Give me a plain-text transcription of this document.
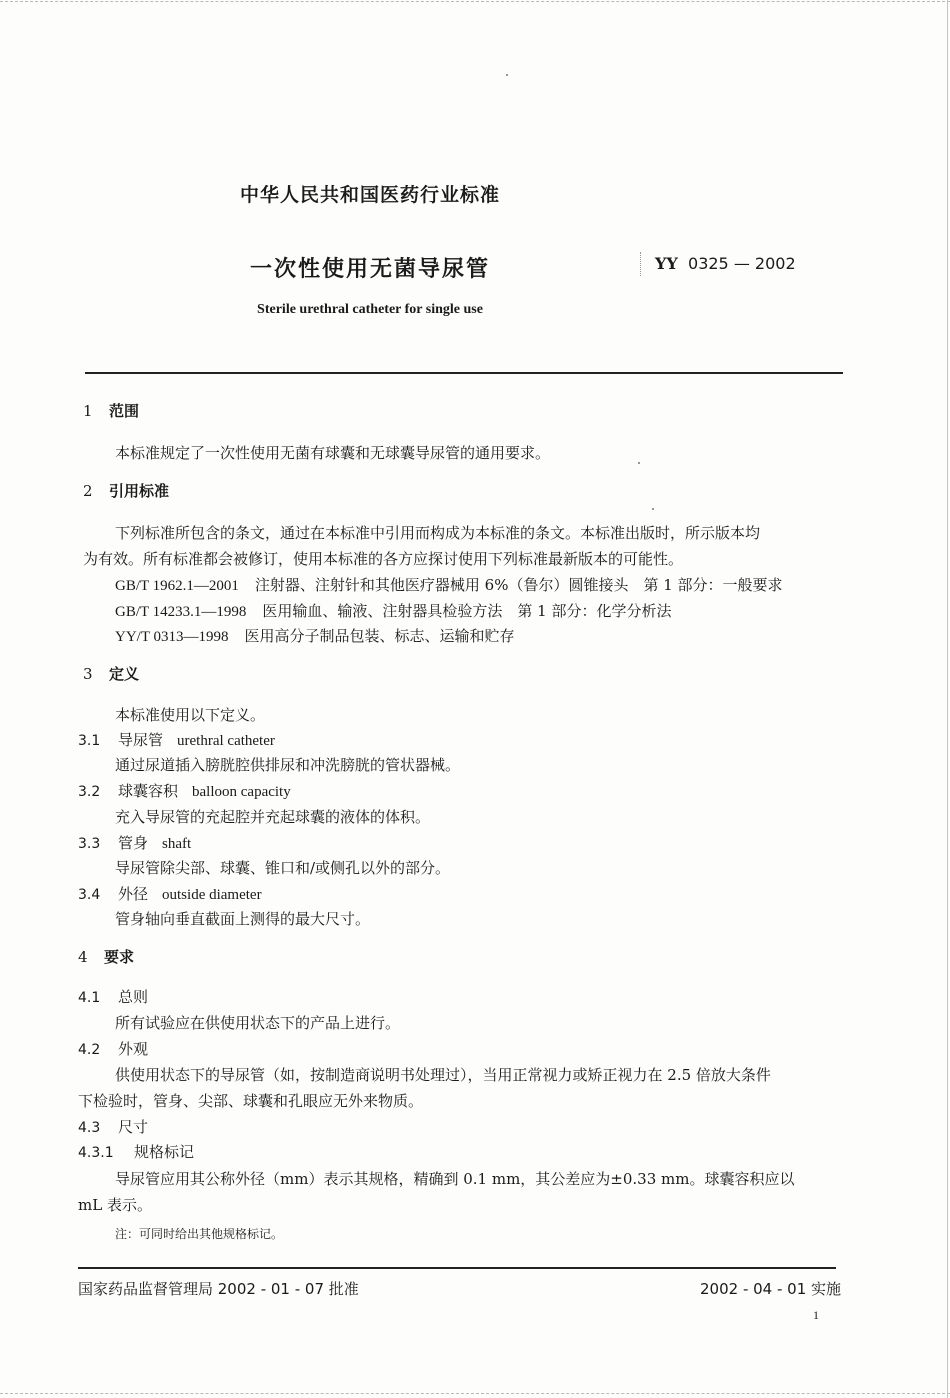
中华人民共和国医药行业标准
一次性使用无菌导尿管	YY 0325 — 2002
Sterile urethral catheter for single use
1 范围
本标准规定了一次性使用无菌有球囊和无球囊导尿管的通用要求。
2 引用标准
下列标准所包含的条文，通过在本标准中引用而构成为本标准的条文。本标准出版时，所示版本均
为有效。所有标准都会被修订，使用本标准的各方应探讨使用下列标准最新版本的可能性。
GB/T 1962.1—2001 注射器、注射针和其他医疗器械用 6%（鲁尔）圆锥接头　第 1 部分：一般要求
GB/T 14233.1—1998 医用输血、输液、注射器具检验方法　第 1 部分：化学分析法
YY/T 0313—1998 医用高分子制品包装、标志、运输和贮存
3 定义
本标准使用以下定义。
3.1 导尿管 urethral catheter
通过尿道插入膀胱腔供排尿和冲洗膀胱的管状器械。
3.2 球囊容积 balloon capacity
充入导尿管的充起腔并充起球囊的液体的体积。
3.3 管身 shaft
导尿管除尖部、球囊、锥口和/或侧孔以外的部分。
3.4 外径 outside diameter
管身轴向垂直截面上测得的最大尺寸。
4 要求
4.1 总则
所有试验应在供使用状态下的产品上进行。
4.2 外观
供使用状态下的导尿管（如，按制造商说明书处理过），当用正常视力或矫正视力在 2.5 倍放大条件
下检验时，管身、尖部、球囊和孔眼应无外来物质。
4.3 尺寸
4.3.1 规格标记
导尿管应用其公称外径（mm）表示其规格，精确到 0.1 mm，其公差应为±0.33 mm。球囊容积应以
mL 表示。
注：可同时给出其他规格标记。
国家药品监督管理局 2002 - 01 - 07 批准	2002 - 04 - 01 实施
1
